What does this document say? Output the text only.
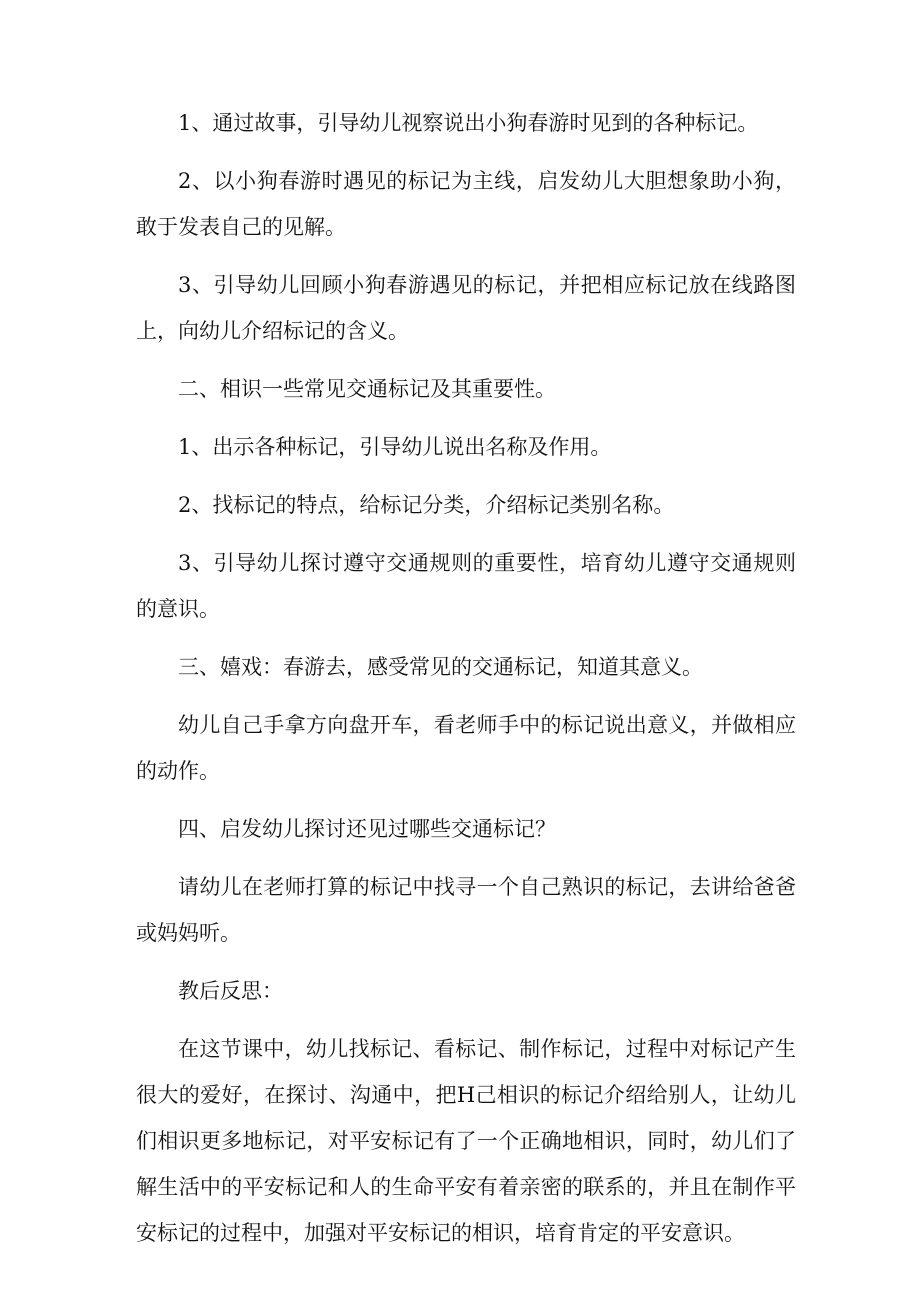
1、通过故事，引导幼儿视察说出小狗春游时见到的各种标记。

2、以小狗春游时遇见的标记为主线，启发幼儿大胆想象助小狗，敢于发表自己的见解。

3、引导幼儿回顾小狗春游遇见的标记，并把相应标记放在线路图上，向幼儿介绍标记的含义。

二、相识一些常见交通标记及其重要性。

1、出示各种标记，引导幼儿说出名称及作用。

2、找标记的特点，给标记分类，介绍标记类别名称。

3、引导幼儿探讨遵守交通规则的重要性，培育幼儿遵守交通规则的意识。

三、嬉戏：春游去，感受常见的交通标记，知道其意义。

幼儿自己手拿方向盘开车，看老师手中的标记说出意义，并做相应的动作。

四、启发幼儿探讨还见过哪些交通标记？

请幼儿在老师打算的标记中找寻一个自己熟识的标记，去讲给爸爸或妈妈听。

教后反思：

在这节课中，幼儿找标记、看标记、制作标记，过程中对标记产生很大的爱好，在探讨、沟通中，把H己相识的标记介绍给别人，让幼儿们相识更多地标记，对平安标记有了一个正确地相识，同时，幼儿们了解生活中的平安标记和人的生命平安有着亲密的联系的，并且在制作平安标记的过程中，加强对平安标记的相识，培育肯定的平安意识。
